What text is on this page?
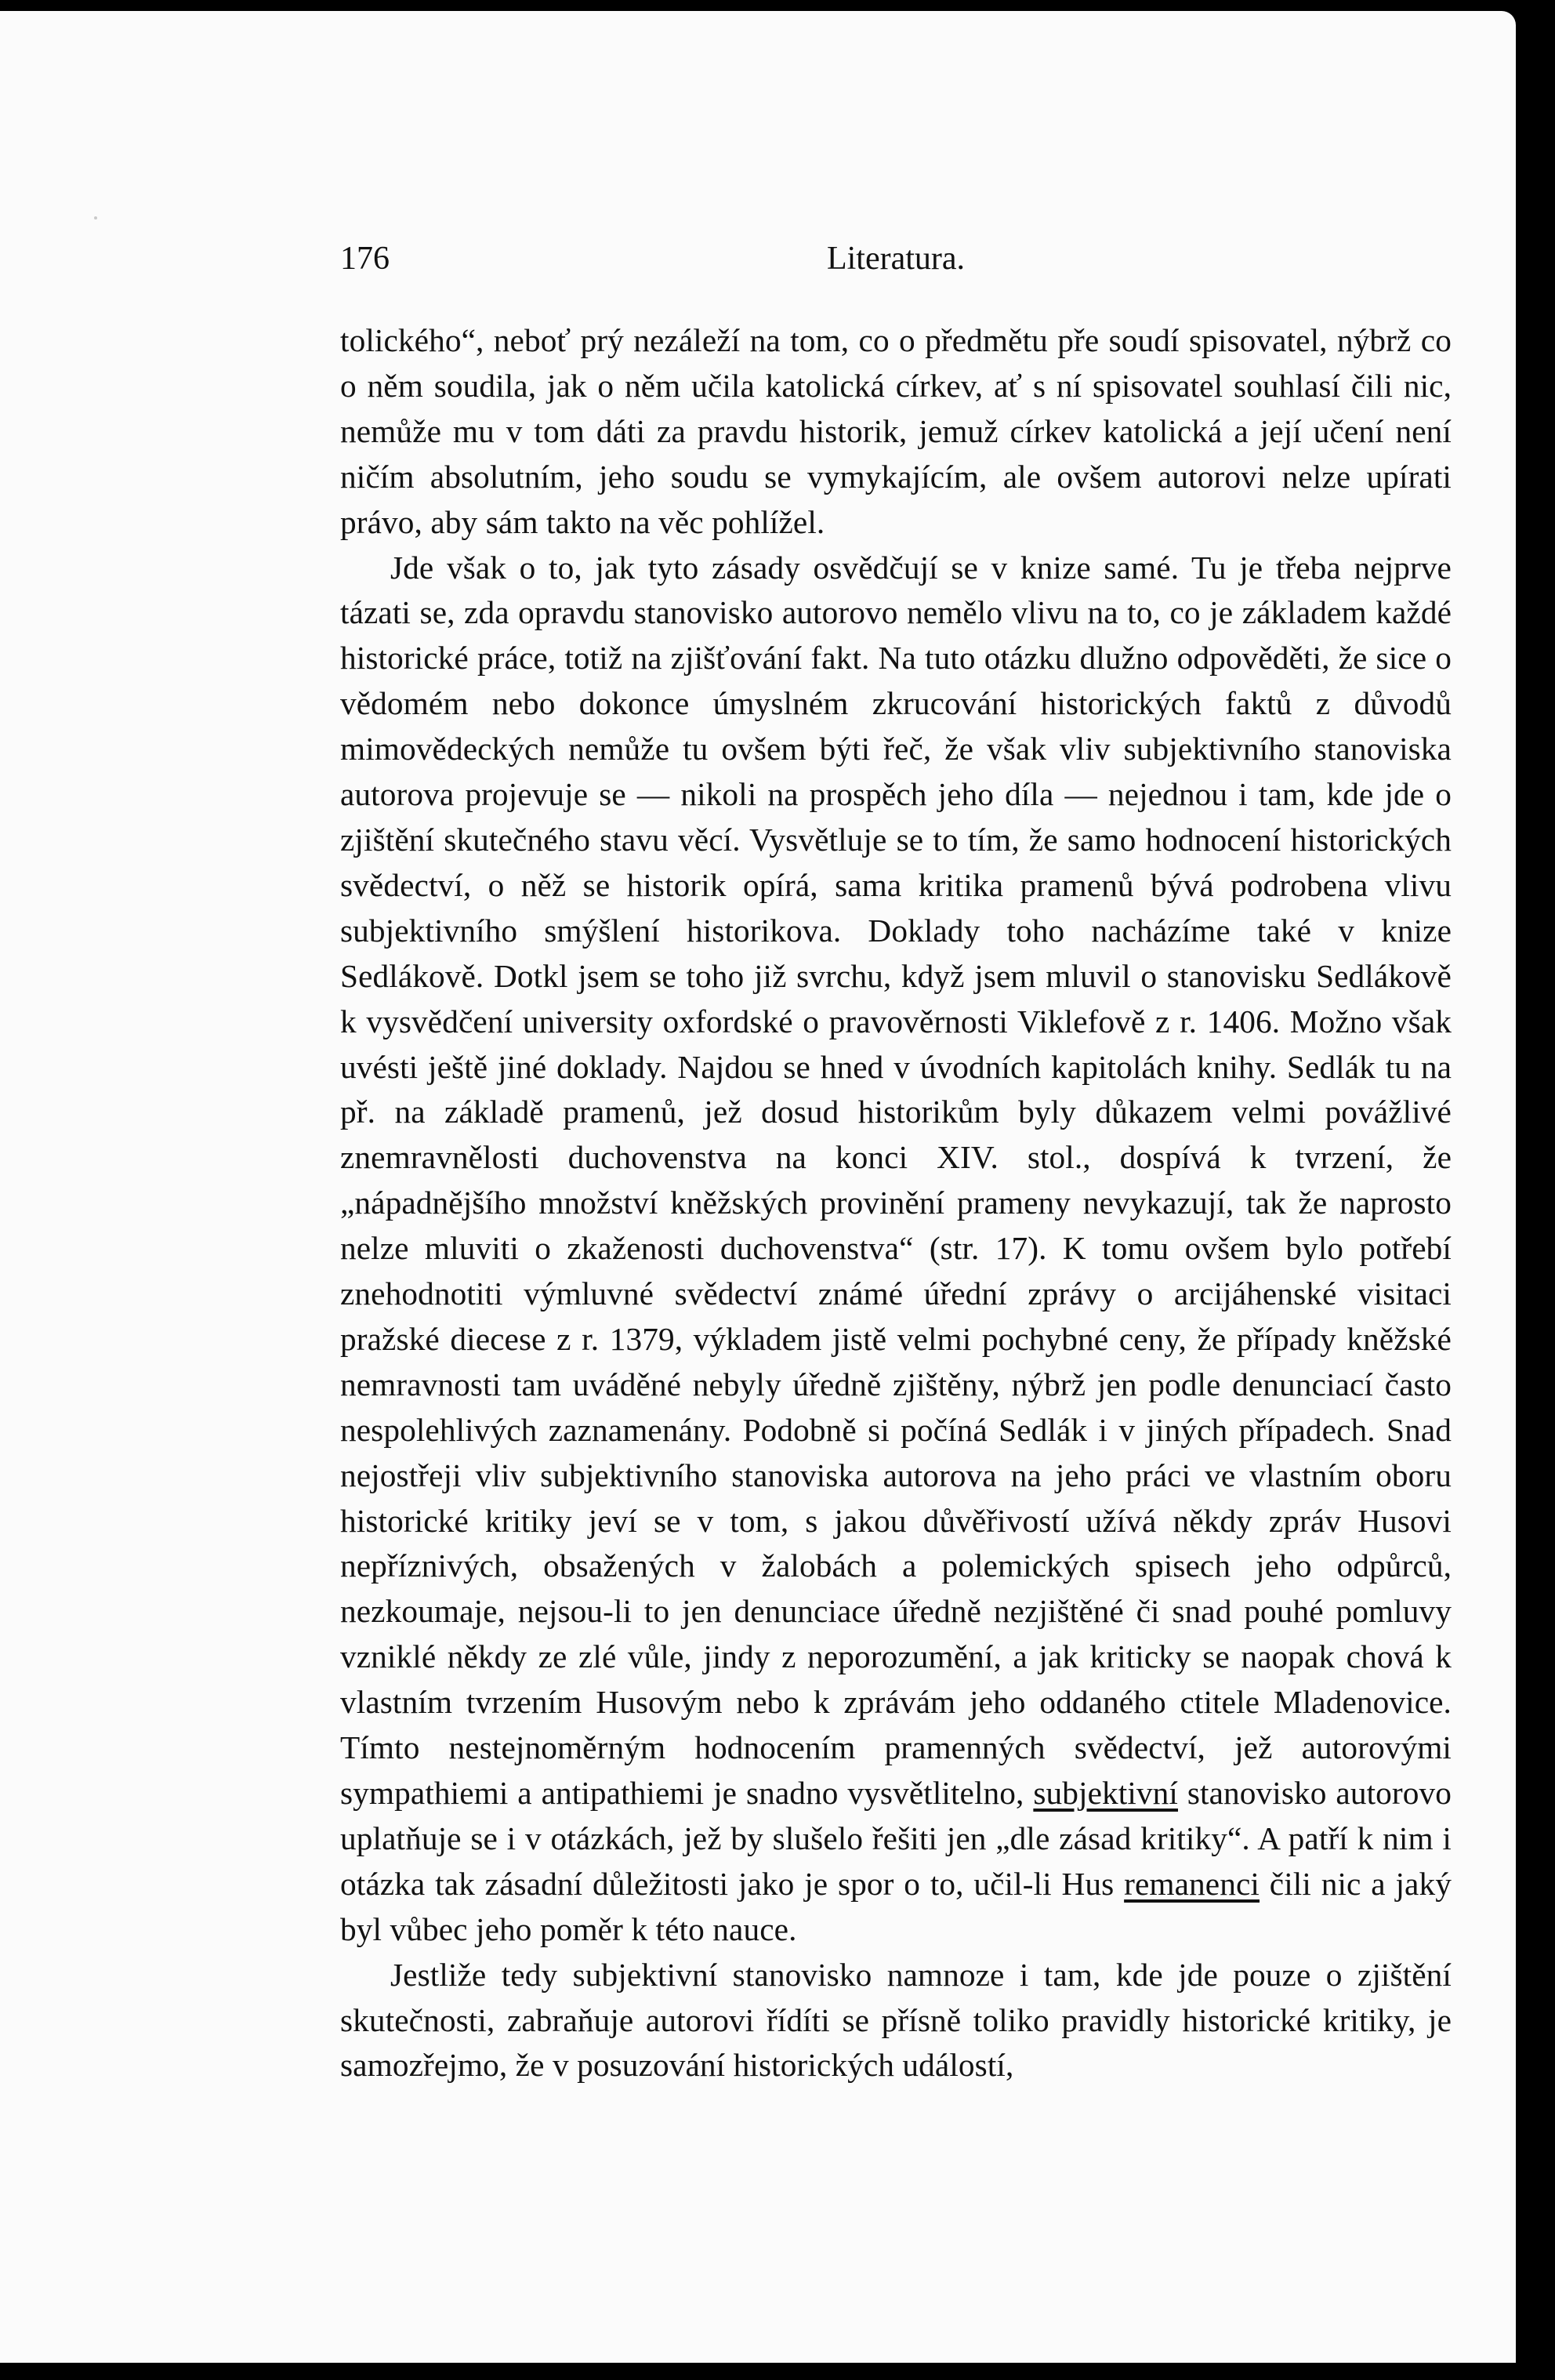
176	Literatura.

tolického“, neboť prý nezáleží na tom, co o předmětu pře soudí spisovatel, nýbrž co o něm soudila, jak o něm učila katolická církev, ať s ní spisovatel souhlasí čili nic, nemůže mu v tom dáti za pravdu historik, jemuž církev katolická a její učení není ničím absolutním, jeho soudu se vymykajícím, ale ovšem autorovi nelze upírati právo, aby sám takto na věc pohlížel.

Jde však o to, jak tyto zásady osvědčují se v knize samé. Tu je třeba nejprve tázati se, zda opravdu stanovisko autorovo nemělo vlivu na to, co je základem každé historické práce, totiž na zjišťování fakt. Na tuto otázku dlužno odpověděti, že sice o vědomém nebo dokonce úmyslném zkrucování historických faktů z důvodů mimovědeckých nemůže tu ovšem býti řeč, že však vliv subjektivního stanoviska autorova projevuje se — nikoli na prospěch jeho díla — nejednou i tam, kde jde o zjištění skutečného stavu věcí. Vysvětluje se to tím, že samo hodnocení historických svědectví, o něž se historik opírá, sama kritika pramenů bývá podrobena vlivu subjektivního smýšlení historikova. Doklady toho nacházíme také v knize Sedlákově. Dotkl jsem se toho již svrchu, když jsem mluvil o stanovisku Sedlákově k vysvědčení university oxfordské o pravověrnosti Viklefově z r. 1406. Možno však uvésti ještě jiné doklady. Najdou se hned v úvodních kapitolách knihy. Sedlák tu na př. na základě pramenů, jež dosud historikům byly důkazem velmi povážlivé znemravnělosti duchovenstva na konci XIV. stol., dospívá k tvrzení, že „nápadnějšího množství kněžských provinění prameny nevykazují, tak že naprosto nelze mluviti o zkaženosti duchovenstva“ (str. 17). K tomu ovšem bylo potřebí znehodnotiti výmluvné svědectví známé úřední zprávy o arcijáhenské visitaci pražské diecese z r. 1379, výkladem jistě velmi pochybné ceny, že případy kněžské nemravnosti tam uváděné nebyly úředně zjištěny, nýbrž jen podle denunciací často nespolehlivých zaznamenány. Podobně si počíná Sedlák i v jiných případech. Snad nejostřeji vliv subjektivního stanoviska autorova na jeho práci ve vlastním oboru historické kritiky jeví se v tom, s jakou důvěřivostí užívá někdy zpráv Husovi nepříznivých, obsažených v žalobách a polemických spisech jeho odpůrců, nezkoumaje, nejsou-li to jen denunciace úředně nezjištěné či snad pouhé pomluvy vzniklé někdy ze zlé vůle, jindy z neporozumění, a jak kriticky se naopak chová k vlastním tvrzením Husovým nebo k zprávám jeho oddaného ctitele Mladenovice. Tímto nestejnoměrným hodnocením pramenných svědectví, jež autorovými sympathiemi a antipathiemi je snadno vysvětlitelno, subjektivní stanovisko autorovo uplatňuje se i v otázkách, jež by slušelo řešiti jen „dle zásad kritiky“. A patří k nim i otázka tak zásadní důležitosti jako je spor o to, učil-li Hus remanenci čili nic a jaký byl vůbec jeho poměr k této nauce.

Jestliže tedy subjektivní stanovisko namnoze i tam, kde jde pouze o zjištění skutečnosti, zabraňuje autorovi řídíti se přísně toliko pravidly historické kritiky, je samozřejmo, že v posuzování historických událostí,
